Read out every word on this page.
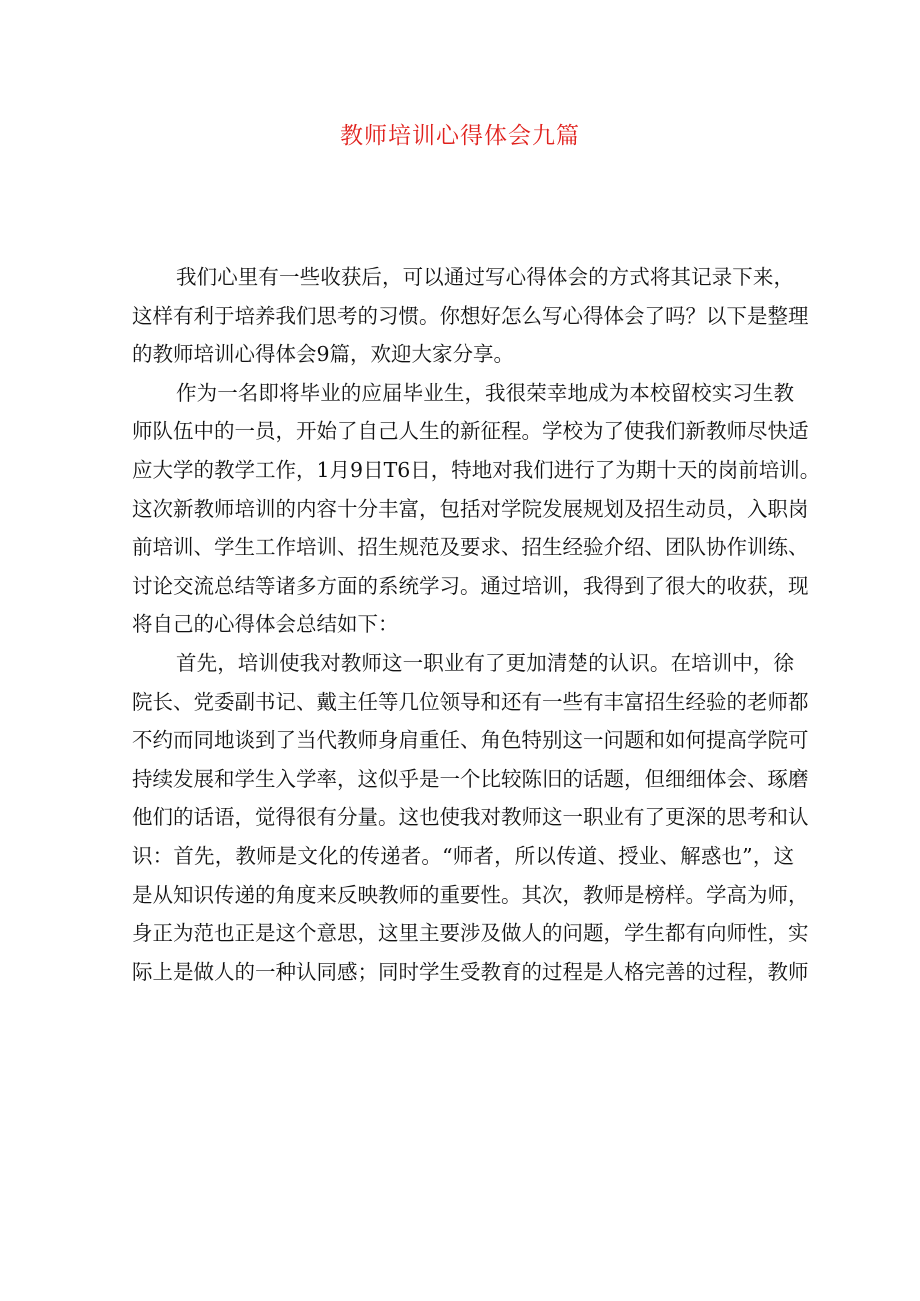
教师培训心得体会九篇
我们心里有一些收获后，可以通过写心得体会的方式将其记录下来，
这样有利于培养我们思考的习惯。你想好怎么写心得体会了吗？以下是整理
的教师培训心得体会9篇，欢迎大家分享。
作为一名即将毕业的应届毕业生，我很荣幸地成为本校留校实习生教
师队伍中的一员，开始了自己人生的新征程。学校为了使我们新教师尽快适
应大学的教学工作，1月9日T6日，特地对我们进行了为期十天的岗前培训。
这次新教师培训的内容十分丰富，包括对学院发展规划及招生动员，入职岗
前培训、学生工作培训、招生规范及要求、招生经验介绍、团队协作训练、
讨论交流总结等诸多方面的系统学习。通过培训，我得到了很大的收获，现
将自己的心得体会总结如下：
首先，培训使我对教师这一职业有了更加清楚的认识。在培训中，徐
院长、党委副书记、戴主任等几位领导和还有一些有丰富招生经验的老师都
不约而同地谈到了当代教师身肩重任、角色特别这一问题和如何提高学院可
持续发展和学生入学率，这似乎是一个比较陈旧的话题，但细细体会、琢磨
他们的话语，觉得很有分量。这也使我对教师这一职业有了更深的思考和认
识：首先，教师是文化的传递者。“师者，所以传道、授业、解惑也”，这
是从知识传递的角度来反映教师的重要性。其次，教师是榜样。学高为师，
身正为范也正是这个意思，这里主要涉及做人的问题，学生都有向师性，实
际上是做人的一种认同感；同时学生受教育的过程是人格完善的过程，教师
